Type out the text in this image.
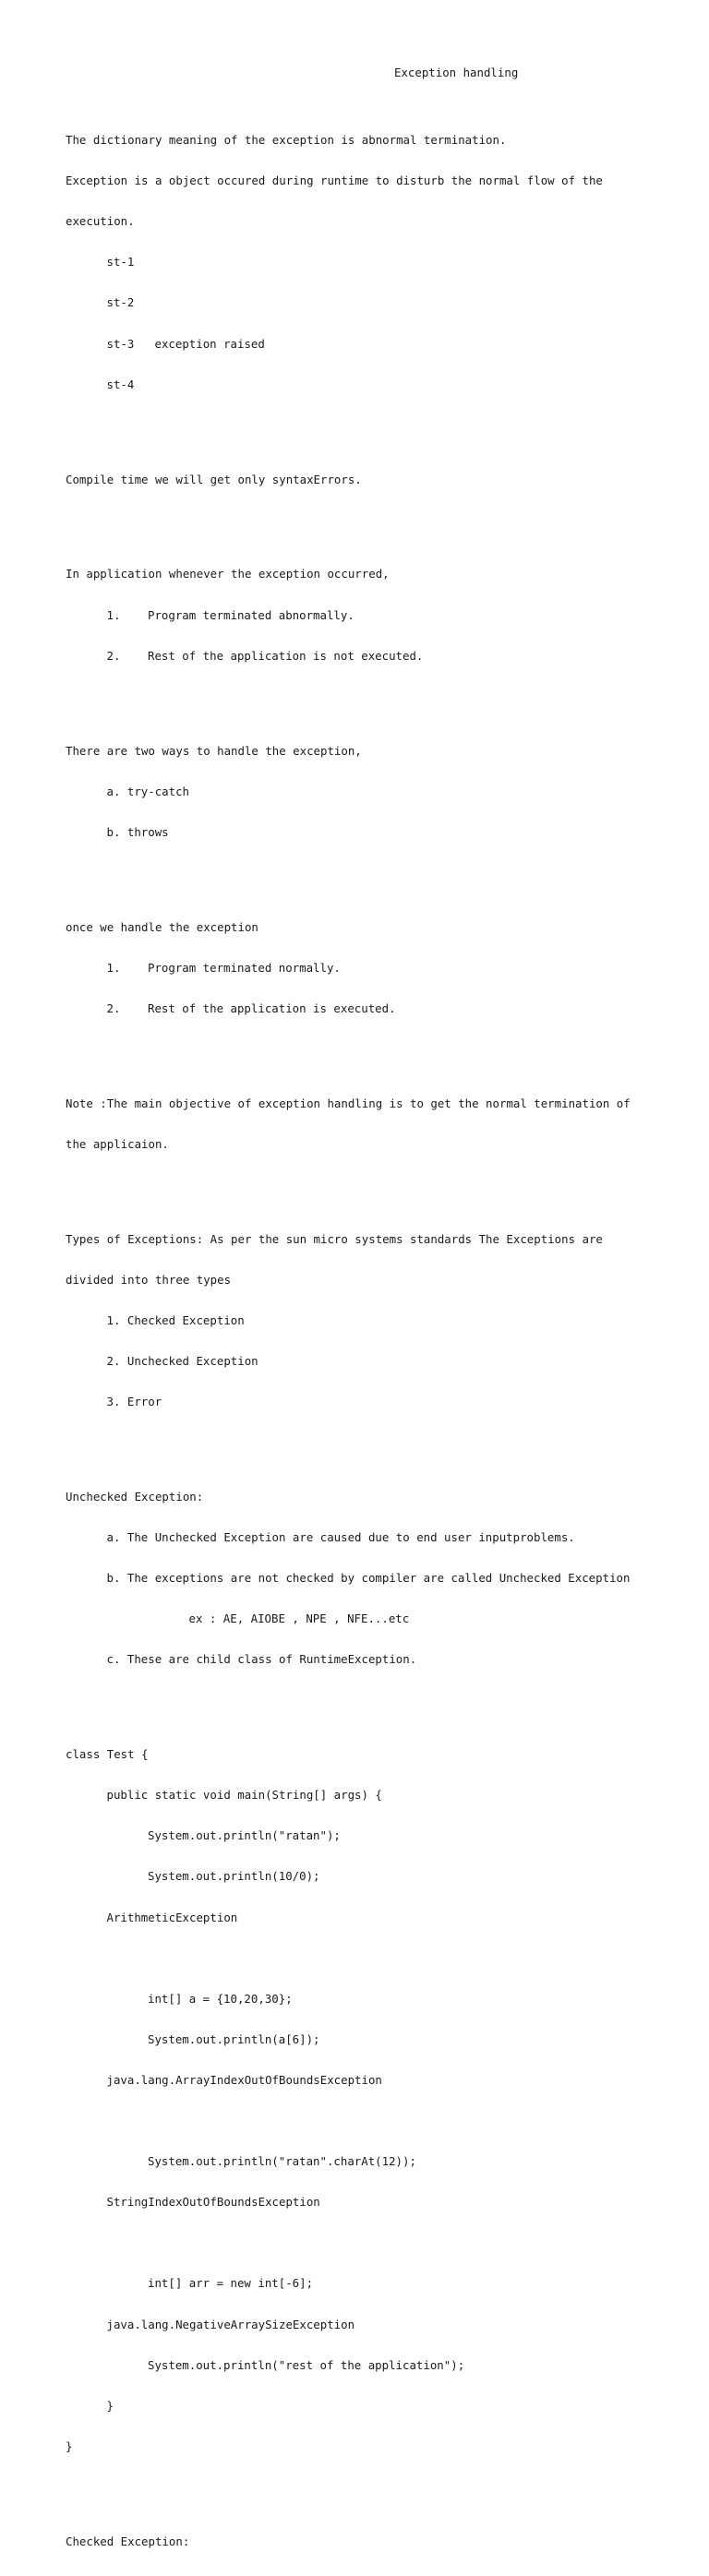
Exception handling

The dictionary meaning of the exception is abnormal termination.

Exception is a object occured during runtime to disturb the normal flow of the

execution.

st-1

st-2

st-3 exception raised

st-4

Compile time we will get only syntaxErrors.

In application whenever the exception occurred,

1. Program terminated abnormally.

2. Rest of the application is not executed.

There are two ways to handle the exception,

a. try-catch

b. throws

once we handle the exception

1. Program terminated normally.

2. Rest of the application is executed.

Note :The main objective of exception handling is to get the normal termination of

the applicaion.

Types of Exceptions: As per the sun micro systems standards The Exceptions are

divided into three types

1. Checked Exception

2. Unchecked Exception

3. Error

Unchecked Exception:

a. The Unchecked Exception are caused due to end user inputproblems.

b. The exceptions are not checked by compiler are called Unchecked Exception

ex : AE, AIOBE , NPE , NFE...etc

c. These are child class of RuntimeException.

class Test {

public static void main(String[] args) {

System.out.println("ratan");

System.out.println(10/0);

ArithmeticException

int[] a = {10,20,30};

System.out.println(a[6]);

java.lang.ArrayIndexOutOfBoundsException

System.out.println("ratan".charAt(12));

StringIndexOutOfBoundsException

int[] arr = new int[-6];

java.lang.NegativeArraySizeException

System.out.println("rest of the application");

}

}

Checked Exception:
